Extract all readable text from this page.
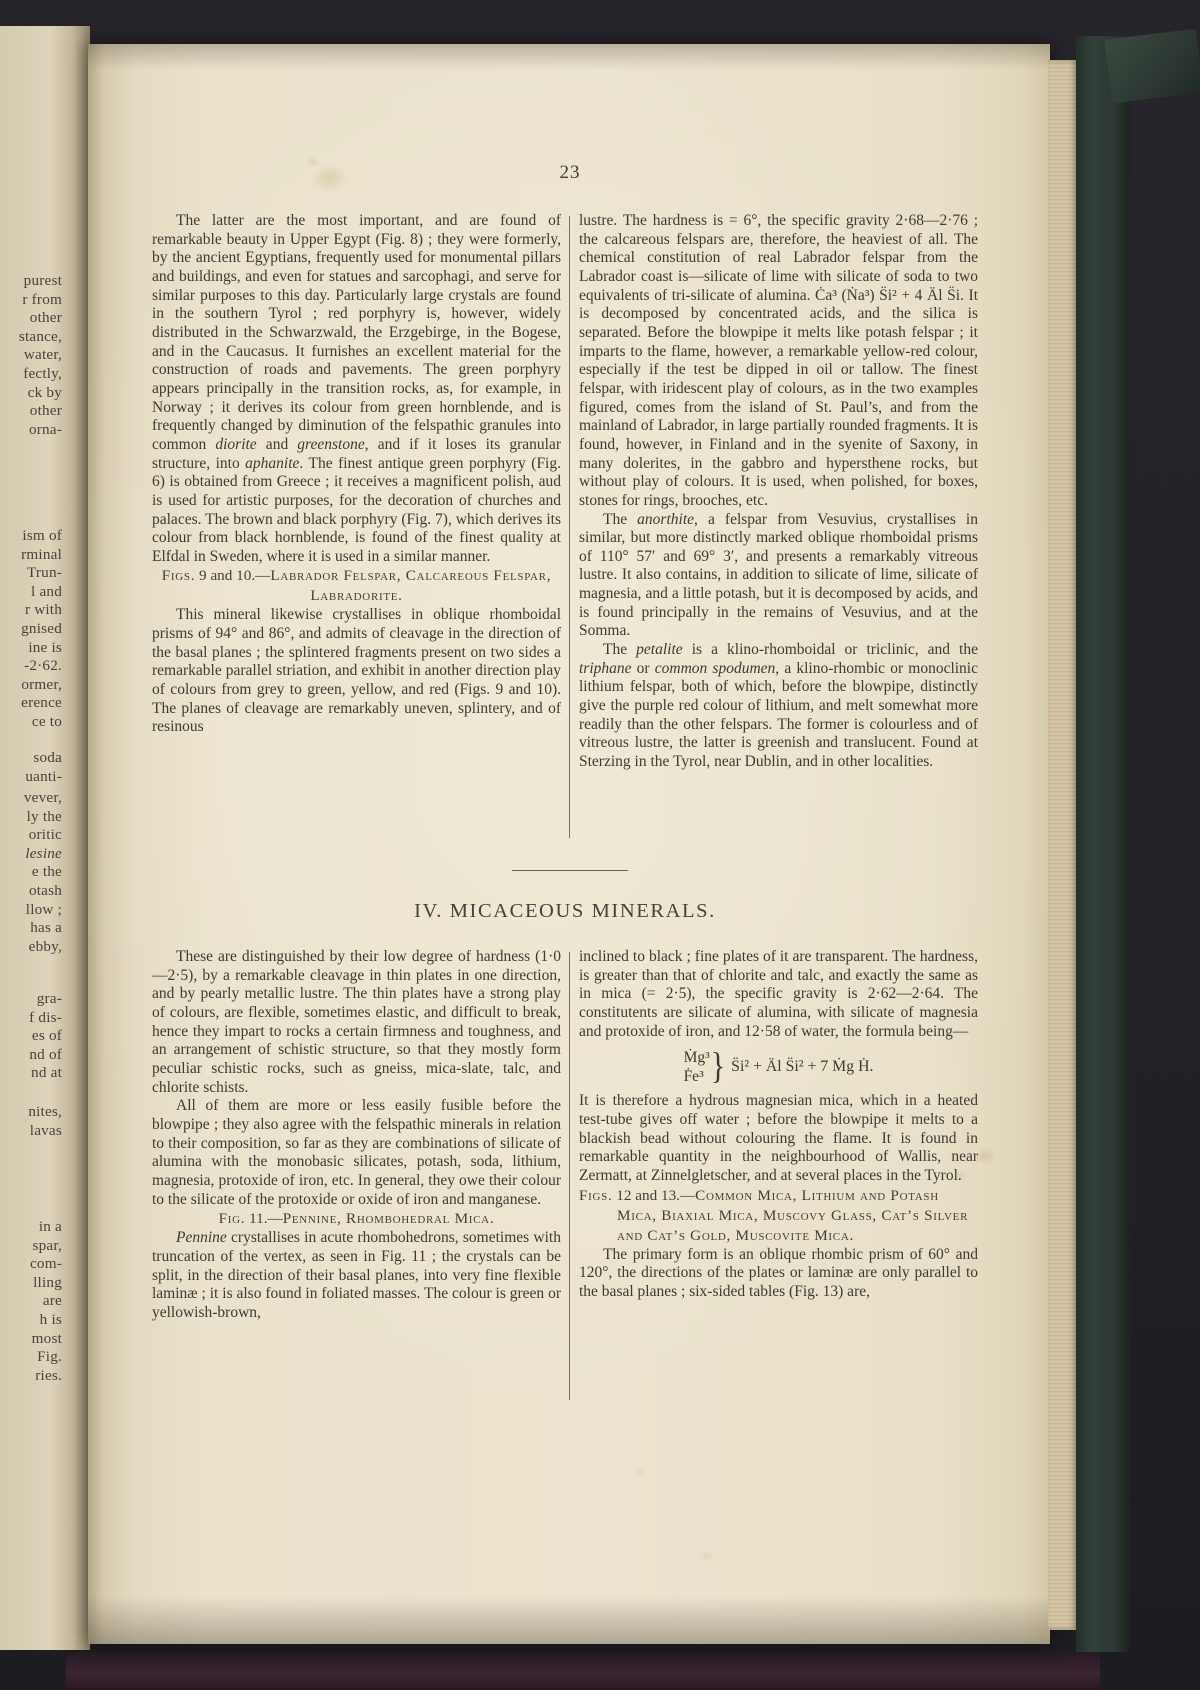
purest
r from
other
stance,
water,
fectly,
ck by
other
orna-
ism of
rminal
Trun-
l and
r with
gnised
ine is
-2·62.
ormer,
erence
ce to
soda
uanti-
vever,
ly the
oritic
lesine
e the
otash
llow ;
has a
ebby,
gra-
f dis-
es of
nd of
nd at
nites,
lavas
in a
spar,
com-
lling
are
h is
most
Fig.
ries.
23
IV. MICACEOUS MINERALS.

The latter are the most important, and are found of remarkable beauty in Upper Egypt (Fig. 8) ; they were formerly, by the ancient Egyptians, frequently used for monumental pillars and buildings, and even for statues and sarcophagi, and serve for similar purposes to this day. Particularly large crystals are found in the southern Tyrol ; red porphyry is, however, widely distributed in the Schwarzwald, the Erzgebirge, in the Bogese, and in the Caucasus. It furnishes an excellent material for the construction of roads and pavements. The green porphyry appears principally in the transition rocks, as, for example, in Norway ; it derives its colour from green hornblende, and is frequently changed by diminution of the felspathic granules into common diorite and greenstone, and if it loses its granular structure, into aphanite. The finest antique green porphyry (Fig. 6) is obtained from Greece ; it receives a magnificent polish, aud is used for artistic purposes, for the decoration of churches and palaces. The brown and black porphyry (Fig. 7), which derives its colour from black hornblende, is found of the finest quality at Elfdal in Sweden, where it is used in a similar manner.

Figs. 9 and 10.—Labrador Felspar, Calcareous Felspar, Labradorite.

This mineral likewise crystallises in oblique rhomboidal prisms of 94° and 86°, and admits of cleavage in the direction of the basal planes ; the splintered fragments present on two sides a remarkable parallel striation, and exhibit in another direction play of colours from grey to green, yellow, and red (Figs. 9 and 10). The planes of cleavage are remarkably uneven, splintery, and of resinous

lustre. The hardness is = 6°, the specific gravity 2·68—2·76 ; the calcareous felspars are, therefore, the heaviest of all. The chemical constitution of real Labrador felspar from the Labrador coast is—silicate of lime with silicate of soda to two equivalents of tri-silicate of alumina. Ċa³ (Ṅa³) S̈i² + 4 Äl S̈i. It is decomposed by concentrated acids, and the silica is separated. Before the blowpipe it melts like potash felspar ; it imparts to the flame, however, a remarkable yellow-red colour, especially if the test be dipped in oil or tallow. The finest felspar, with iridescent play of colours, as in the two examples figured, comes from the island of St. Paul’s, and from the mainland of Labrador, in large partially rounded fragments. It is found, however, in Finland and in the syenite of Saxony, in many dolerites, in the gabbro and hypersthene rocks, but without play of colours. It is used, when polished, for boxes, stones for rings, brooches, etc.

The anorthite, a felspar from Vesuvius, crystallises in similar, but more distinctly marked oblique rhomboidal prisms of 110° 57′ and 69° 3′, and presents a remarkably vitreous lustre. It also contains, in addition to silicate of lime, silicate of magnesia, and a little potash, but it is decomposed by acids, and is found principally in the remains of Vesuvius, and at the Somma.

The petalite is a klino-rhomboidal or triclinic, and the triphane or common spodumen, a klino-rhombic or monoclinic lithium felspar, both of which, before the blowpipe, distinctly give the purple red colour of lithium, and melt somewhat more readily than the other felspars. The former is colourless and of vitreous lustre, the latter is greenish and translucent. Found at Sterzing in the Tyrol, near Dublin, and in other localities.

These are distinguished by their low degree of hardness (1·0—2·5), by a remarkable cleavage in thin plates in one direction, and by pearly metallic lustre. The thin plates have a strong play of colours, are flexible, sometimes elastic, and difficult to break, hence they impart to rocks a certain firmness and toughness, and an arrangement of schistic structure, so that they mostly form peculiar schistic rocks, such as gneiss, mica-slate, talc, and chlorite schists.

All of them are more or less easily fusible before the blowpipe ; they also agree with the felspathic minerals in relation to their composition, so far as they are combinations of silicate of alumina with the monobasic silicates, potash, soda, lithium, magnesia, protoxide of iron, etc. In general, they owe their colour to the silicate of the protoxide or oxide of iron and manganese.

Fig. 11.—Pennine, Rhombohedral Mica.

Pennine crystallises in acute rhombohedrons, sometimes with truncation of the vertex, as seen in Fig. 11 ; the crystals can be split, in the direction of their basal planes, into very fine flexible laminæ ; it is also found in foliated masses. The colour is green or yellowish-brown,

inclined to black ; fine plates of it are transparent. The hardness, is greater than that of chlorite and talc, and exactly the same as in mica (= 2·5), the specific gravity is 2·62—2·64. The constitutents are silicate of alumina, with silicate of magnesia and protoxide of iron, and 12·58 of water, the formula being—

Ṁg³
Ḟe³ } S̈i² + Äl S̈i² + 7 Ṁg Ḣ.

It is therefore a hydrous magnesian mica, which in a heated test-tube gives off water ; before the blowpipe it melts to a blackish bead without colouring the flame. It is found in remarkable quantity in the neighbourhood of Wallis, near Zermatt, at Zinnelgletscher, and at several places in the Tyrol.

Figs. 12 and 13.—Common Mica, Lithium and Potash Mica, Biaxial Mica, Muscovy Glass, Cat’s Silver and Cat’s Gold, Muscovite Mica.

The primary form is an oblique rhombic prism of 60° and 120°, the directions of the plates or laminæ are only parallel to the basal planes ; six-sided tables (Fig. 13) are,
